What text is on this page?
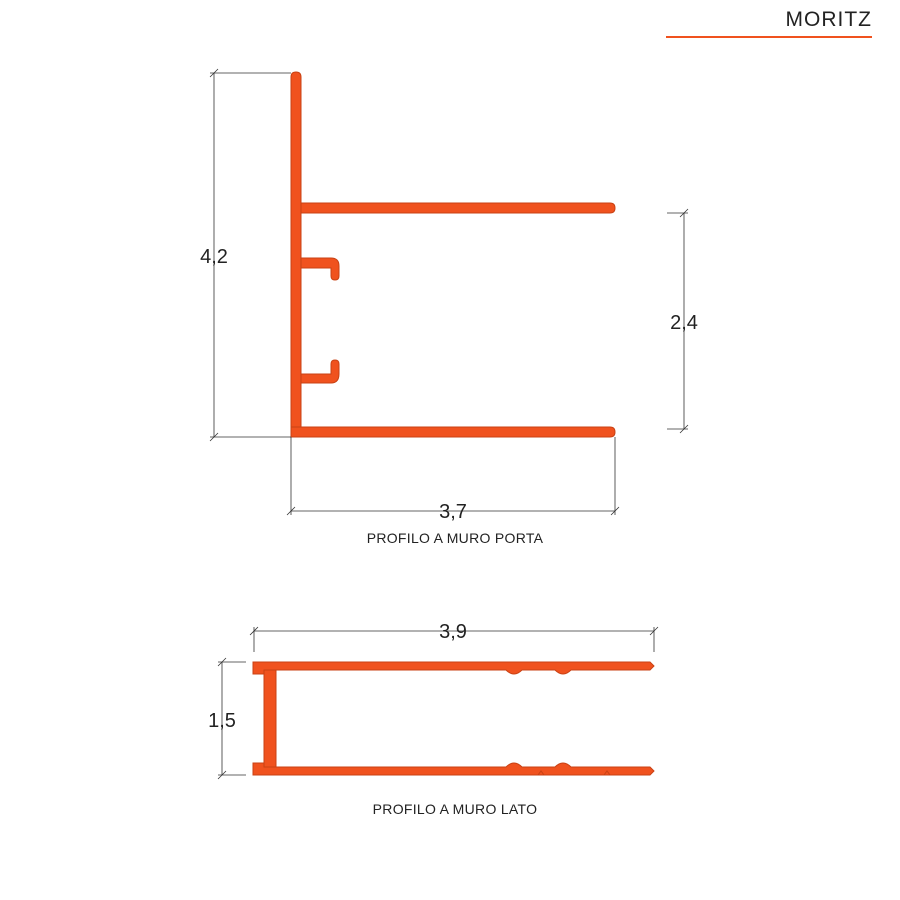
MORITZ
4,2
2,4
3,7
PROFILO A MURO PORTA
3,9
1,5
PROFILO A MURO LATO
